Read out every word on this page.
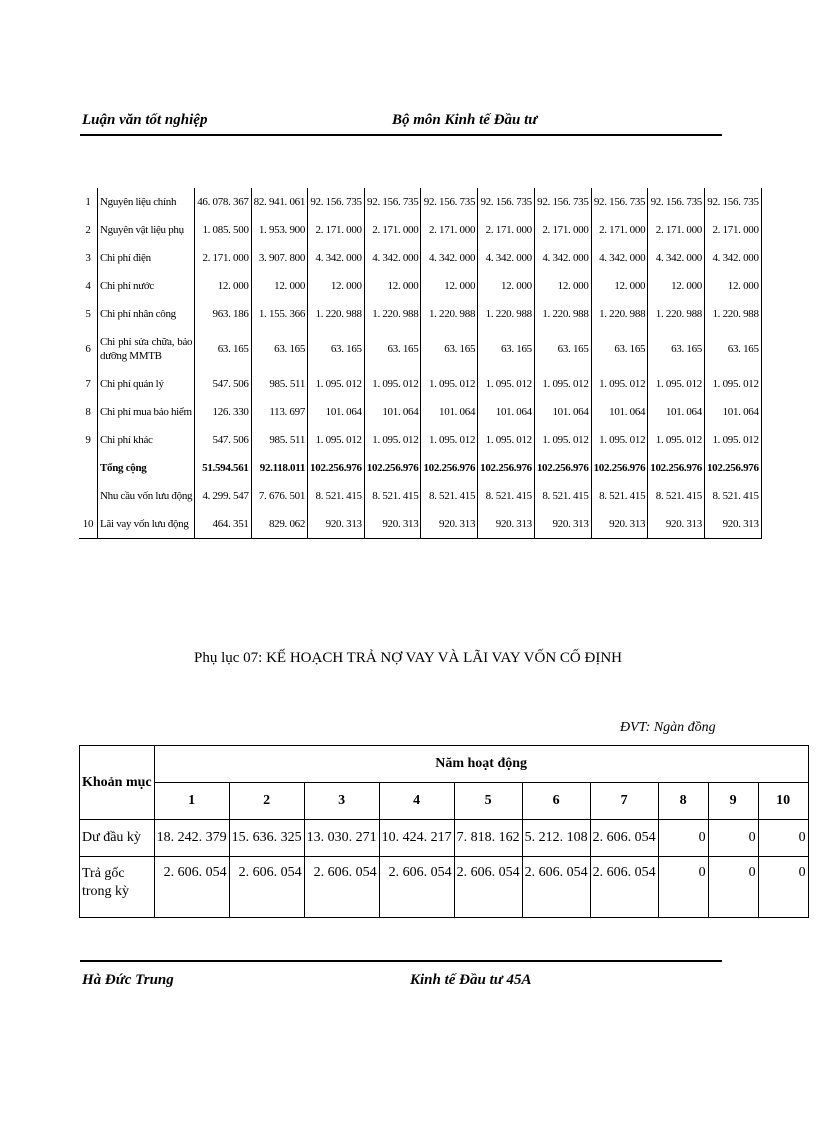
Luận văn tốt nghiệp	Bộ môn Kinh tế Đầu tư
1	Nguyên liệu chính	46. 078. 367	82. 941. 061	92. 156. 735	92. 156. 735	92. 156. 735	92. 156. 735	92. 156. 735	92. 156. 735	92. 156. 735	92. 156. 735
2	Nguyên vật liệu phụ	1. 085. 500	1. 953. 900	2. 171. 000	2. 171. 000	2. 171. 000	2. 171. 000	2. 171. 000	2. 171. 000	2. 171. 000	2. 171. 000
3	Chi phí điện	2. 171. 000	3. 907. 800	4. 342. 000	4. 342. 000	4. 342. 000	4. 342. 000	4. 342. 000	4. 342. 000	4. 342. 000	4. 342. 000
4	Chi phí nước	12. 000	12. 000	12. 000	12. 000	12. 000	12. 000	12. 000	12. 000	12. 000	12. 000
5	Chi phí nhân công	963. 186	1. 155. 366	1. 220. 988	1. 220. 988	1. 220. 988	1. 220. 988	1. 220. 988	1. 220. 988	1. 220. 988	1. 220. 988
6	Chi phí sửa chữa, bảo dưỡng MMTB	63. 165	63. 165	63. 165	63. 165	63. 165	63. 165	63. 165	63. 165	63. 165	63. 165
7	Chi phí quản lý	547. 506	985. 511	1. 095. 012	1. 095. 012	1. 095. 012	1. 095. 012	1. 095. 012	1. 095. 012	1. 095. 012	1. 095. 012
8	Chi phí mua bảo hiểm	126. 330	113. 697	101. 064	101. 064	101. 064	101. 064	101. 064	101. 064	101. 064	101. 064
9	Chi phí khác	547. 506	985. 511	1. 095. 012	1. 095. 012	1. 095. 012	1. 095. 012	1. 095. 012	1. 095. 012	1. 095. 012	1. 095. 012
	Tổng cộng	51.594.561	92.118.011	102.256.976	102.256.976	102.256.976	102.256.976	102.256.976	102.256.976	102.256.976	102.256.976
	Nhu cầu vốn lưu động	4. 299. 547	7. 676. 501	8. 521. 415	8. 521. 415	8. 521. 415	8. 521. 415	8. 521. 415	8. 521. 415	8. 521. 415	8. 521. 415
10	Lãi vay vốn lưu động	464. 351	829. 062	920. 313	920. 313	920. 313	920. 313	920. 313	920. 313	920. 313	920. 313
Phụ lục 07: KẾ HOẠCH TRẢ NỢ VAY VÀ LÃI VAY VỐN CỐ ĐỊNH
ĐVT: Ngàn đồng
Khoản mục	Năm hoạt động									
	1	2	3	4	5	6	7	8	9	10
Dư đầu kỳ	18. 242. 379	15. 636. 325	13. 030. 271	10. 424. 217	7. 818. 162	5. 212. 108	2. 606. 054	0	0	0
Trả gốc trong kỳ	2. 606. 054	2. 606. 054	2. 606. 054	2. 606. 054	2. 606. 054	2. 606. 054	2. 606. 054	0	0	0
Hà Đức Trung	Kinh tế Đầu tư 45A
